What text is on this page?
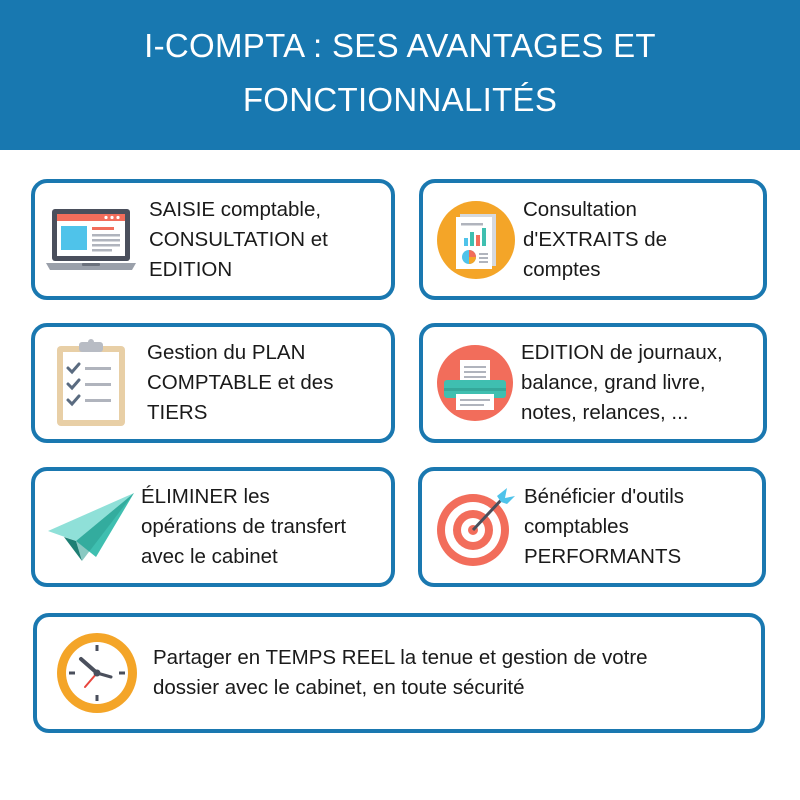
I-COMPTA : SES AVANTAGES ET
FONCTIONNALITÉS
SAISIE comptable,
CONSULTATION et
EDITION
Consultation
d'EXTRAITS de
comptes
Gestion du PLAN
COMPTABLE et des
TIERS
EDITION de journaux,
balance, grand livre,
notes, relances, ...
ÉLIMINER les
opérations de transfert
avec le cabinet
Bénéficier d'outils
comptables
PERFORMANTS
Partager en TEMPS REEL la tenue et gestion de votre
dossier avec le cabinet, en toute sécurité
